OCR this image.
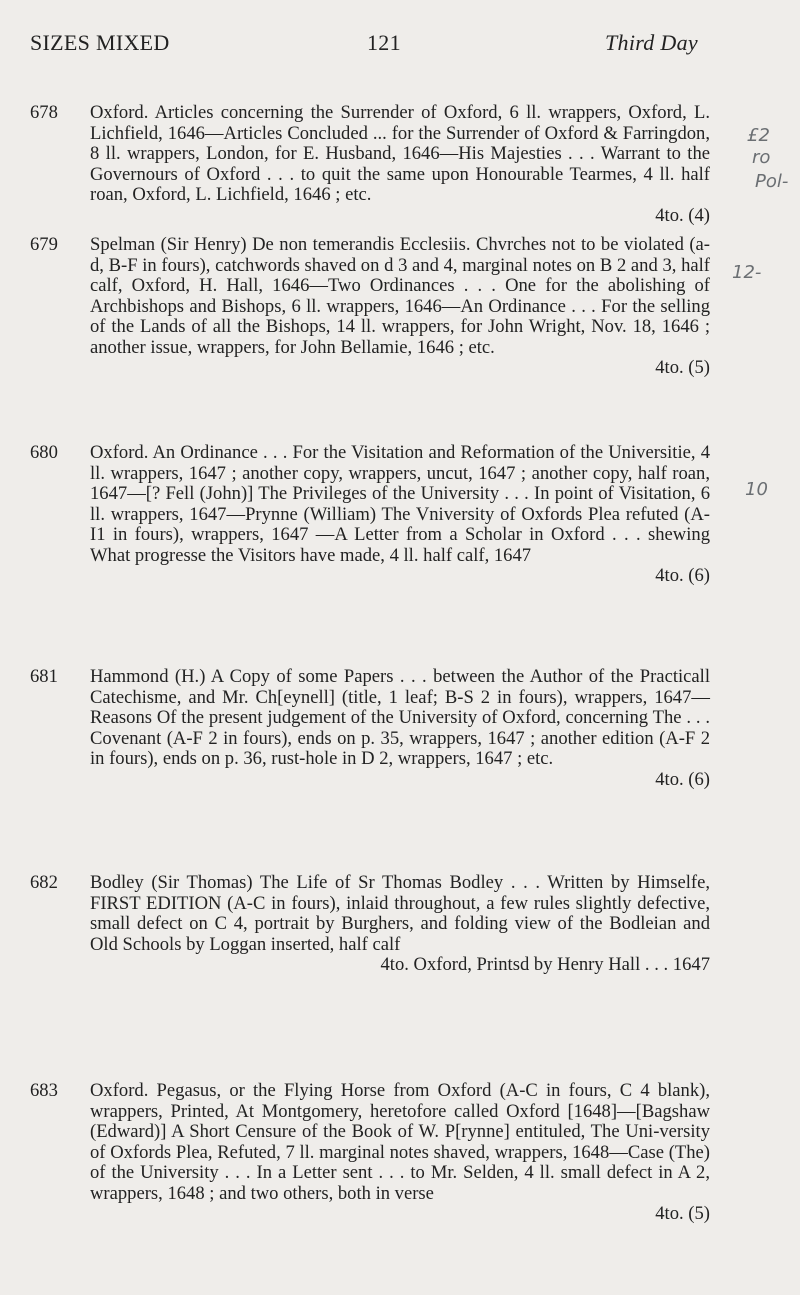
SIZES MIXED	121	Third Day
678	Oxford. Articles concerning the Surrender of Oxford, 6 ll. wrappers, Oxford, L. Lichfield, 1646—Articles Concluded ... for the Surrender of Oxford & Farringdon, 8 ll. wrappers, London, for E. Husband, 1646—His Majesties . . . Warrant to the Governours of Oxford . . . to quit the same upon Honourable Tearmes, 4 ll. half roan, Oxford, L. Lichfield, 1646 ; etc.
4to. (4)
679	Spelman (Sir Henry) De non temerandis Ecclesiis. Chvrches not to be violated (a-d, B-F in fours), catchwords shaved on d 3 and 4, marginal notes on B 2 and 3, half calf, Oxford, H. Hall, 1646—Two Ordinances . . . One for the abolishing of Archbishops and Bishops, 6 ll. wrappers, 1646—An Ordinance . . . For the selling of the Lands of all the Bishops, 14 ll. wrappers, for John Wright, Nov. 18, 1646 ; another issue, wrappers, for John Bellamie, 1646 ; etc.
4to. (5)
680	Oxford. An Ordinance . . . For the Visitation and Reformation of the Universitie, 4 ll. wrappers, 1647 ; another copy, wrappers, uncut, 1647 ; another copy, half roan, 1647—[? Fell (John)] The Privileges of the University . . . In point of Visitation, 6 ll. wrappers, 1647—Prynne (William) The Vniversity of Oxfords Plea refuted (A-I1 in fours), wrappers, 1647 —A Letter from a Scholar in Oxford . . . shewing What progresse the Visitors have made, 4 ll. half calf, 1647
4to. (6)
681	Hammond (H.) A Copy of some Papers . . . between the Author of the Practicall Catechisme, and Mr. Ch[eynell] (title, 1 leaf; B-S 2 in fours), wrappers, 1647—Reasons Of the present judgement of the University of Oxford, concerning The . . . Covenant (A-F 2 in fours), ends on p. 35, wrappers, 1647 ; another edition (A-F 2 in fours), ends on p. 36, rust-hole in D 2, wrappers, 1647 ; etc.
4to. (6)
682	Bodley (Sir Thomas) The Life of Sr Thomas Bodley . . . Written by Himselfe, FIRST EDITION (A-C in fours), inlaid throughout, a few rules slightly defective, small defect on C 4, portrait by Burghers, and folding view of the Bodleian and Old Schools by Loggan inserted, half calf
4to. Oxford, Printsd by Henry Hall . . . 1647
683	Oxford. Pegasus, or the Flying Horse from Oxford (A-C in fours, C 4 blank), wrappers, Printed, At Montgomery, heretofore called Oxford [1648]—[Bagshaw (Edward)] A Short Censure of the Book of W. P[rynne] entituled, The Uni-versity of Oxfords Plea, Refuted, 7 ll. marginal notes shaved, wrappers, 1648—Case (The) of the University . . . In a Letter sent . . . to Mr. Selden, 4 ll. small defect in A 2, wrappers, 1648 ; and two others, both in verse
4to. (5)
£2
ro
Pol-
12-
10
